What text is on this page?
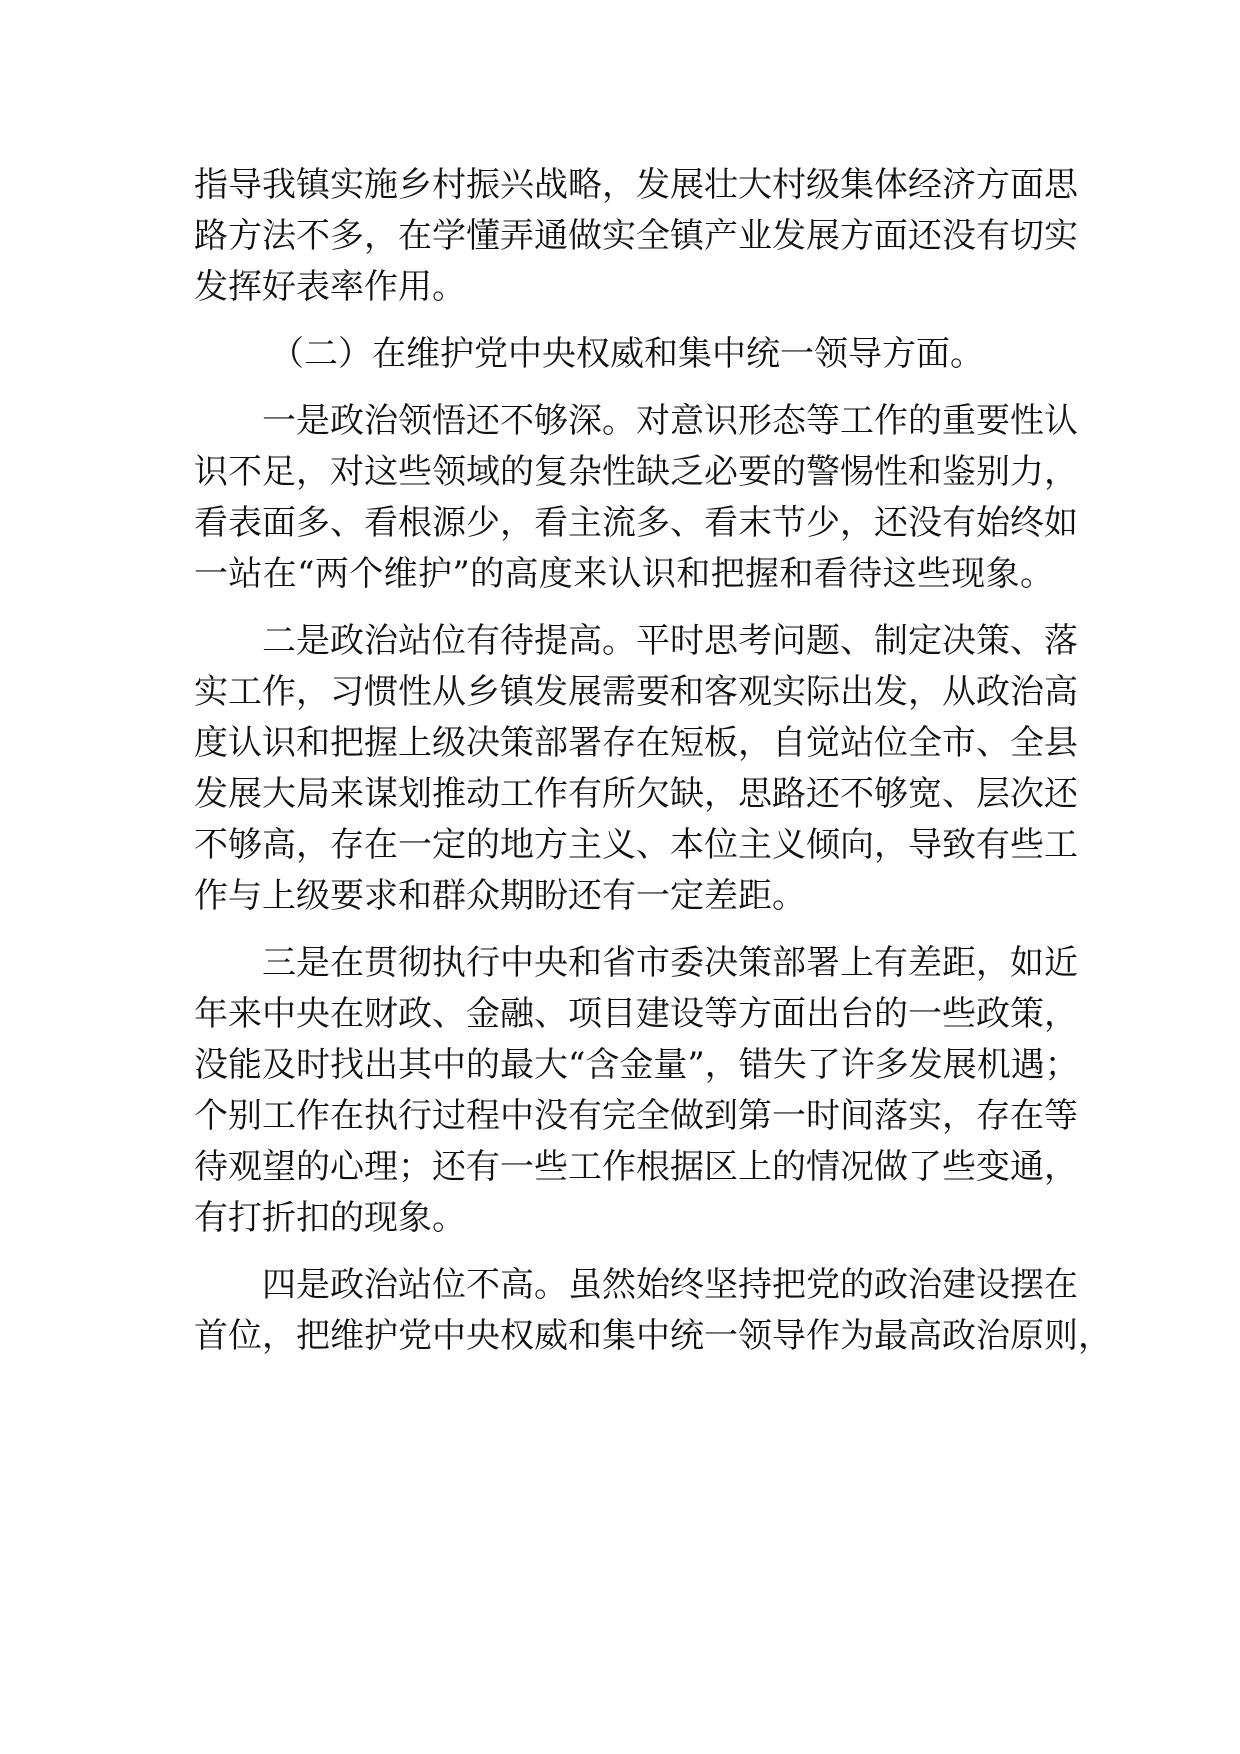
指导我镇实施乡村振兴战略，发展壮大村级集体经济方面思

路方法不多，在学懂弄通做实全镇产业发展方面还没有切实

发挥好表率作用。

（二）在维护党中央权威和集中统一领导方面。

一是政治领悟还不够深。对意识形态等工作的重要性认

识不足，对这些领域的复杂性缺乏必要的警惕性和鉴别力，

看表面多、看根源少，看主流多、看末节少，还没有始终如

一站在“两个维护”的高度来认识和把握和看待这些现象。

二是政治站位有待提高。平时思考问题、制定决策、落

实工作，习惯性从乡镇发展需要和客观实际出发，从政治高

度认识和把握上级决策部署存在短板，自觉站位全市、全县

发展大局来谋划推动工作有所欠缺，思路还不够宽、层次还

不够高，存在一定的地方主义、本位主义倾向，导致有些工

作与上级要求和群众期盼还有一定差距。

三是在贯彻执行中央和省市委决策部署上有差距，如近

年来中央在财政、金融、项目建设等方面出台的一些政策，

没能及时找出其中的最大“含金量”，错失了许多发展机遇；

个别工作在执行过程中没有完全做到第一时间落实，存在等

待观望的心理；还有一些工作根据区上的情况做了些变通，

有打折扣的现象。

四是政治站位不高。虽然始终坚持把党的政治建设摆在

首位，把维护党中央权威和集中统一领导作为最高政治原则，
